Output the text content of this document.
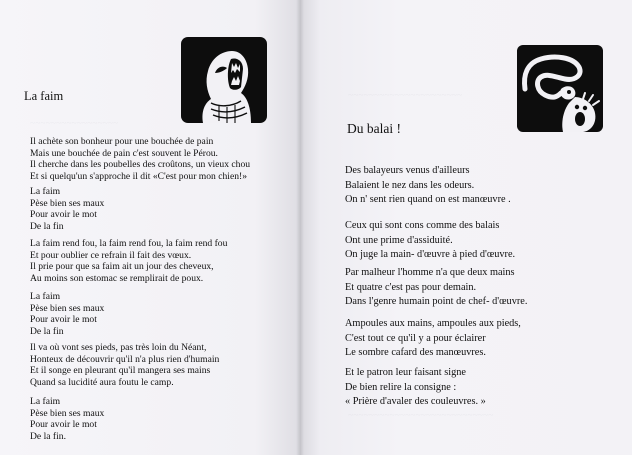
La faim
~~~~~~~~~~~~~~~~~
Il achète son bonheur pour une bouchée de pain
Mais une bouchée de pain c'est souvent le Pérou.
Il cherche dans les poubelles des croûtons, un vieux chou
Et si quelqu'un s'approche il dit «C'est pour mon chien!»
La faim
Pèse bien ses maux
Pour avoir le mot
De la fin
La faim rend fou, la faim rend fou, la faim rend fou
Et pour oublier ce refrain il fait des vœux.
Il prie pour que sa faim ait un jour des cheveux,
Au moins son estomac se remplirait de poux.
La faim
Pèse bien ses maux
Pour avoir le mot
De la fin
Il va où vont ses pieds, pas très loin du Néant,
Honteux de découvrir qu'il n'a plus rien d'humain
Et il songe en pleurant qu'il mangera ses mains
Quand sa lucidité aura foutu le camp.
La faim
Pèse bien ses maux
Pour avoir le mot
De la fin.
~~~~~~~~~~~~~~~~~~~~~~
Du balai !
Des balayeurs venus d'ailleurs
Balaient le nez dans les odeurs.
On n' sent rien quand on est manœuvre .
Ceux qui sont cons comme des balais
Ont une prime d'assiduité.
On juge la main- d'œuvre à pied d'œuvre.
Par malheur l'homme n'a que deux mains
Et quatre c'est pas pour demain.
Dans l'genre humain point de chef- d'œuvre.
Ampoules aux mains, ampoules aux pieds,
C'est tout ce qu'il y a pour éclairer
Le sombre cafard des manœuvres.
Et le patron leur faisant signe
De bien relire la consigne :
« Prière d'avaler des couleuvres. »
~~~~~~~~~~~~~~~~~~~~~~~~~~~~
